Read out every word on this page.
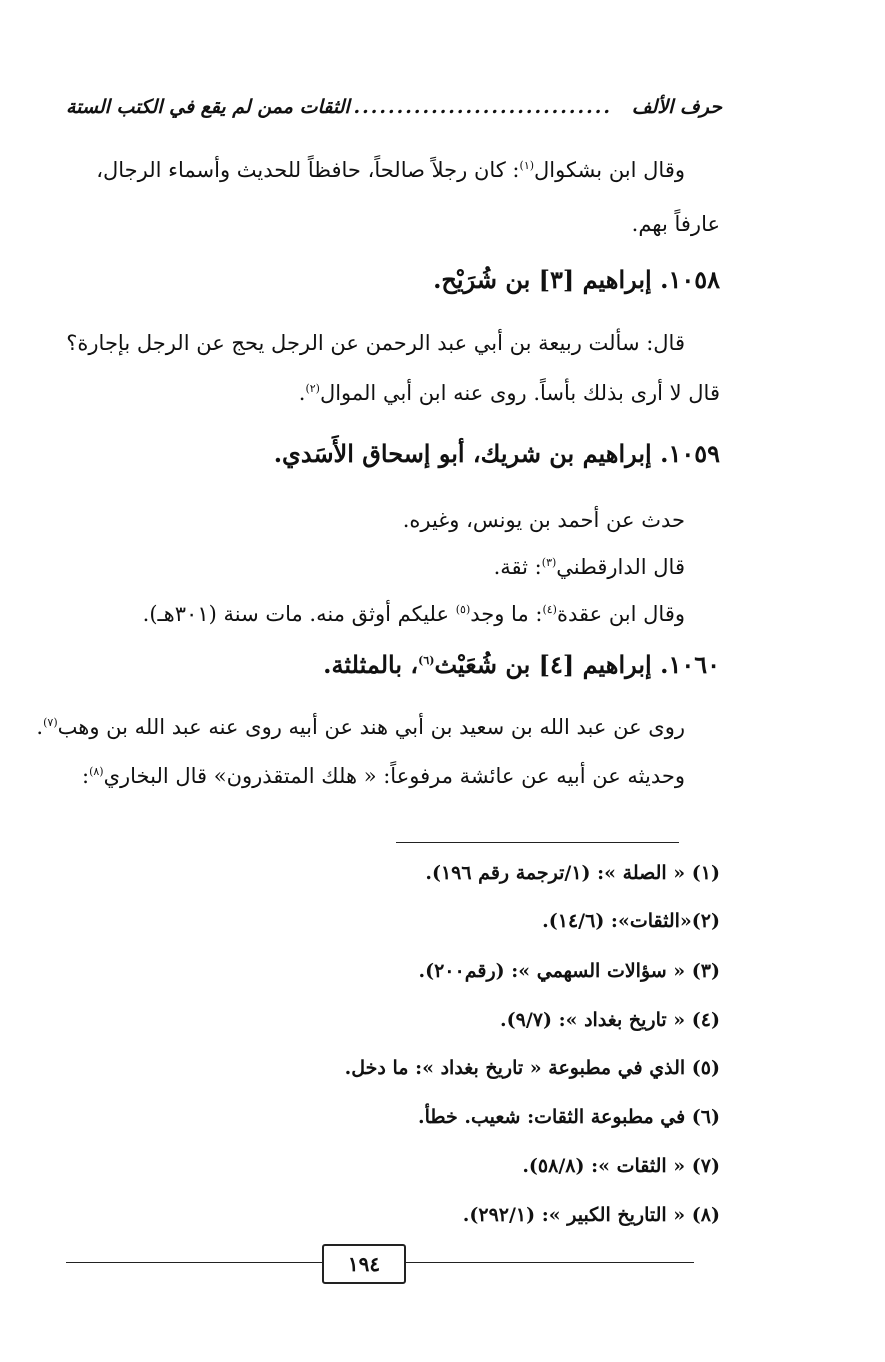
حرف الألف
..............................
الثقات ممن لم يقع في الكتب الستة
وقال ابن بشكوال$^{(١)}$: كان رجلاً صالحاً، حافظاً للحديث وأسماء الرجال،
عارفاً بهم.
١٠٥٨. إبراهيم [٣] بن شُرَيْح.
قال: سألت ربيعة بن أبي عبد الرحمن عن الرجل يحج عن الرجل بإجارة؟
قال لا أرى بذلك بأساً. روى عنه ابن أبي الموال$^{(٢)}$.
١٠٥٩. إبراهيم بن شريك، أبو إسحاق الأَسَدي.
حدث عن أحمد بن يونس، وغيره.
قال الدارقطني$^{(٣)}$: ثقة.
وقال ابن عقدة$^{(٤)}$: ما وجد$^{(٥)}$ عليكم أوثق منه. مات سنة (٣٠١هـ).
١٠٦٠. إبراهيم [٤] بن شُعَيْث$^{(٦)}$، بالمثلثة.
روى عن عبد الله بن سعيد بن أبي هند عن أبيه روى عنه عبد الله بن وهب$^{(٧)}$.
وحديثه عن أبيه عن عائشة مرفوعاً: « هلك المتقذرون» قال البخاري$^{(٨)}$:
(١) « الصلة »: (١/ترجمة رقم ١٩٦).
(٢)«الثقات»: (١٤/٦).
(٣) « سؤالات السهمي »: (رقم٢٠٠).
(٤) « تاريخ بغداد »: (٩/٧).
(٥) الذي في مطبوعة « تاريخ بغداد »: ما دخل.
(٦) في مطبوعة الثقات: شعيب. خطأ.
(٧) « الثقات »: (٥٨/٨).
(٨) « التاريخ الكبير »: (٢٩٢/١).
١٩٤
